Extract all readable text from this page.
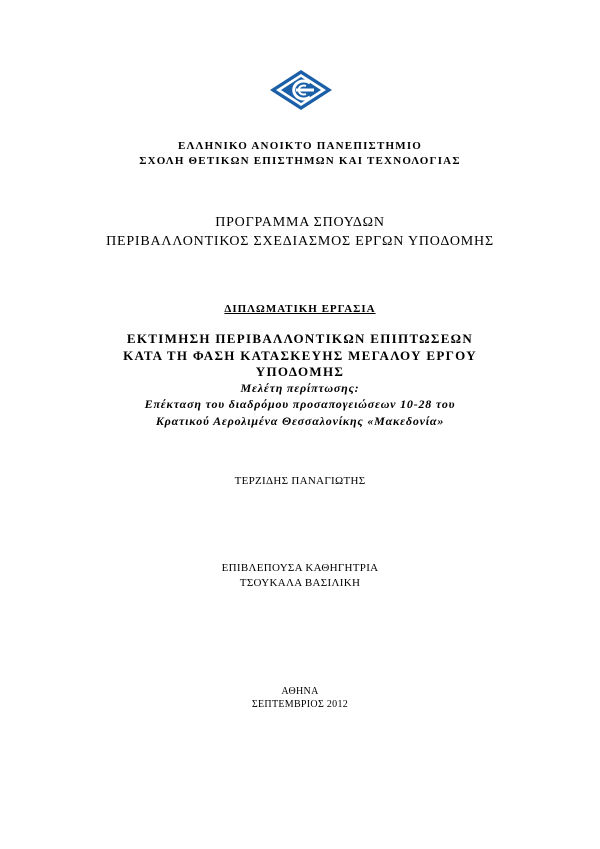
ΕΛΛΗΝΙΚΟ ΑΝΟΙΚΤΟ ΠΑΝΕΠΙΣΤΗΜΙΟ
ΣΧΟΛΗ ΘΕΤΙΚΩΝ ΕΠΙΣΤΗΜΩΝ ΚΑΙ ΤΕΧΝΟΛΟΓΙΑΣ
ΠΡΟΓΡΑΜΜΑ ΣΠΟΥΔΩΝ
ΠΕΡΙΒΑΛΛΟΝΤΙΚΟΣ ΣΧΕΔΙΑΣΜΟΣ ΕΡΓΩΝ ΥΠΟΔΟΜΗΣ
ΔΙΠΛΩΜΑΤΙΚΗ ΕΡΓΑΣΙΑ
ΕΚΤΙΜΗΣΗ ΠΕΡΙΒΑΛΛΟΝΤΙΚΩΝ ΕΠΙΠΤΩΣΕΩΝ
ΚΑΤΑ ΤΗ ΦΑΣΗ ΚΑΤΑΣΚΕΥΗΣ ΜΕΓΑΛΟΥ ΕΡΓΟΥ
ΥΠΟΔΟΜΗΣ
Μελέτη περίπτωσης:
Επέκταση του διαδρόμου προσαπογειώσεων 10-28 του
Κρατικού Αερολιμένα Θεσσαλονίκης «Μακεδονία»
ΤΕΡΖΙΔΗΣ ΠΑΝΑΓΙΩΤΗΣ
ΕΠΙΒΛΕΠΟΥΣΑ ΚΑΘΗΓΗΤΡΙΑ
ΤΣΟΥΚΑΛΑ ΒΑΣΙΛΙΚΗ
ΑΘΗΝΑ
ΣΕΠΤΕΜΒΡΙΟΣ 2012
